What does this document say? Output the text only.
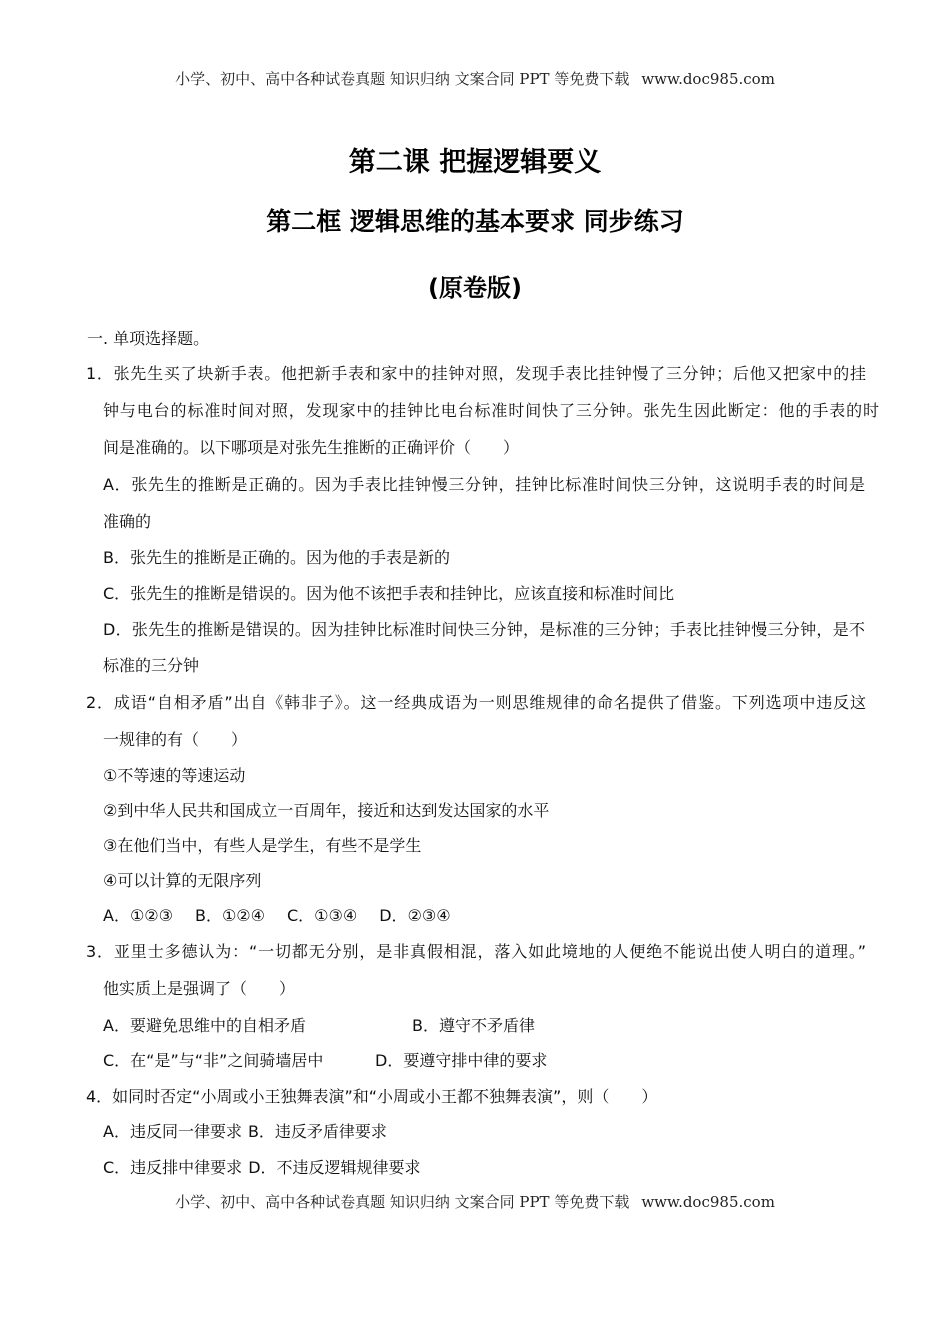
小学、初中、高中各种试卷真题 知识归纳 文案合同 PPT 等免费下载 www.doc985.com
第二课 把握逻辑要义
第二框 逻辑思维的基本要求 同步练习
(原卷版)
一. 单项选择题。
1．张先生买了块新手表。他把新手表和家中的挂钟对照，发现手表比挂钟慢了三分钟；后他又把家中的挂
钟与电台的标准时间对照，发现家中的挂钟比电台标准时间快了三分钟。张先生因此断定：他的手表的时
间是准确的。以下哪项是对张先生推断的正确评价（　　）
A．张先生的推断是正确的。因为手表比挂钟慢三分钟，挂钟比标准时间快三分钟，这说明手表的时间是
准确的
B．张先生的推断是正确的。因为他的手表是新的
C．张先生的推断是错误的。因为他不该把手表和挂钟比，应该直接和标准时间比
D．张先生的推断是错误的。因为挂钟比标准时间快三分钟，是标准的三分钟；手表比挂钟慢三分钟，是不
标准的三分钟
2．成语“自相矛盾”出自《韩非子》。这一经典成语为一则思维规律的命名提供了借鉴。下列选项中违反这
一规律的有（　　）
①不等速的等速运动
②到中华人民共和国成立一百周年，接近和达到发达国家的水平
③在他们当中，有些人是学生，有些不是学生
④可以计算的无限序列
A．①②③ B．①②④ C．①③④ D．②③④
3．亚里士多德认为：“一切都无分别，是非真假相混，落入如此境地的人便绝不能说出使人明白的道理。”
他实质上是强调了（　　）
A．要避免思维中的自相矛盾	B．遵守不矛盾律
C．在“是”与“非”之间骑墙居中	D．要遵守排中律的要求
4．如同时否定“小周或小王独舞表演”和“小周或小王都不独舞表演”，则（　　）
A．违反同一律要求 B．违反矛盾律要求
C．违反排中律要求 D．不违反逻辑规律要求
小学、初中、高中各种试卷真题 知识归纳 文案合同 PPT 等免费下载 www.doc985.com
